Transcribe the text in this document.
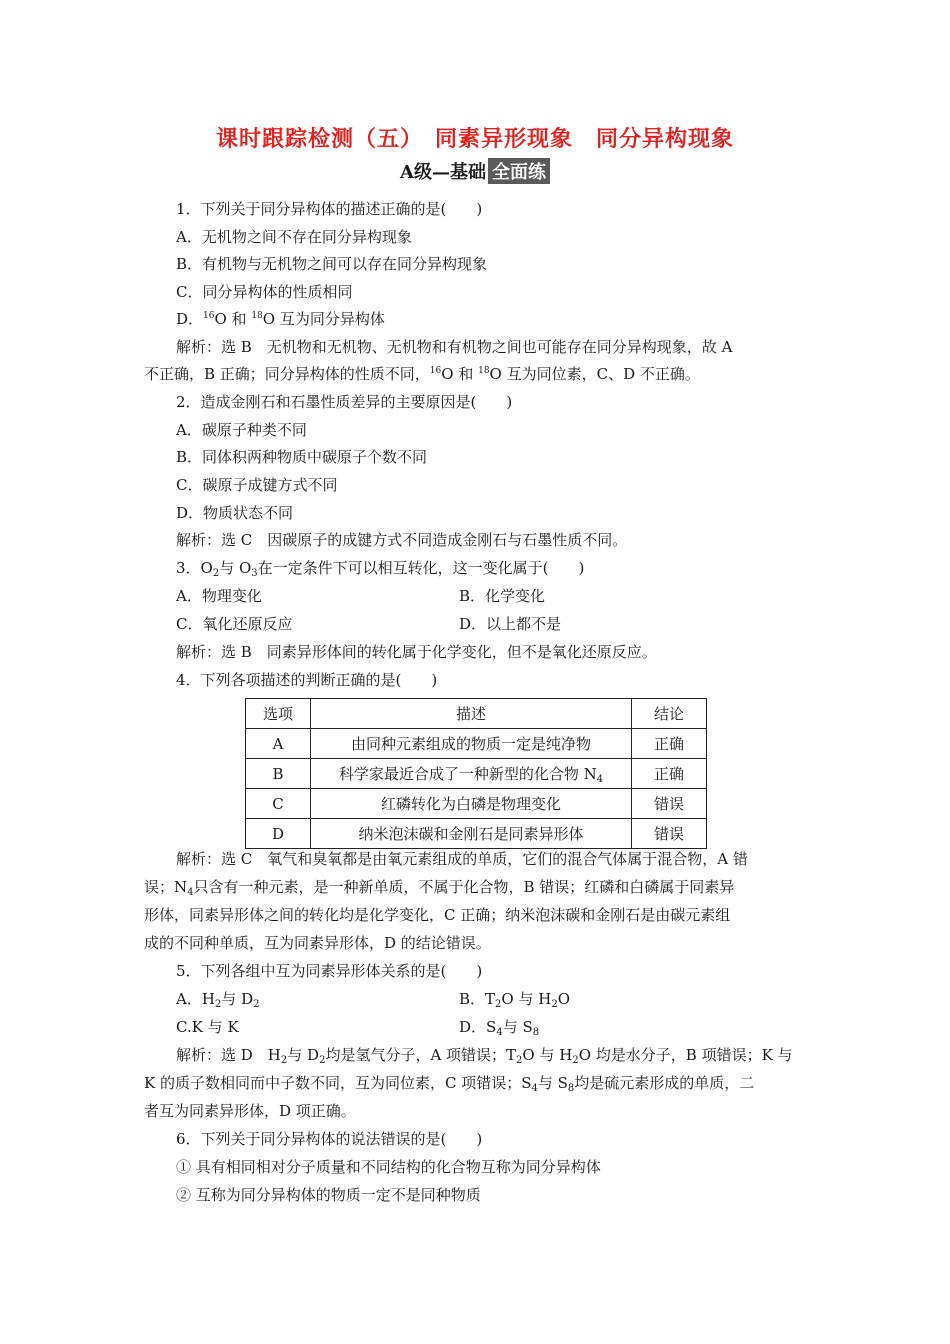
课时跟踪检测（五）　同素异形现象　同分异构现象
A级—基础 全面练
1．下列关于同分异构体的描述正确的是(　　)
A．无机物之间不存在同分异构现象
B．有机物与无机物之间可以存在同分异构现象
C．同分异构体的性质相同
D．$^{16}$O 和 $^{18}$O 互为同分异构体
解析：选 B　无机物和无机物、无机物和有机物之间也可能存在同分异构现象，故 A
不正确，B 正确；同分异构体的性质不同，$^{16}$O 和 $^{18}$O 互为同位素，C、D 不正确。
2．造成金刚石和石墨性质差异的主要原因是(　　)
A．碳原子种类不同
B．同体积两种物质中碳原子个数不同
C．碳原子成键方式不同
D．物质状态不同
解析：选 C　因碳原子的成键方式不同造成金刚石与石墨性质不同。
3．$O_2$与 $O_3$在一定条件下可以相互转化，这一变化属于(　　)
A．物理变化	B．化学变化
C．氧化还原反应	D．以上都不是
解析：选 B　同素异形体间的转化属于化学变化，但不是氧化还原反应。
4．下列各项描述的判断正确的是(　　)
选项	描述	结论
A	由同种元素组成的物质一定是纯净物	正确
B	科学家最近合成了一种新型的化合物 $N_4$	正确
C	红磷转化为白磷是物理变化	错误
D	纳米泡沫碳和金刚石是同素异形体	错误
解析：选 C　氧气和臭氧都是由氧元素组成的单质，它们的混合气体属于混合物，A 错
误；$N_4$只含有一种元素，是一种新单质，不属于化合物，B 错误；红磷和白磷属于同素异
形体，同素异形体之间的转化均是化学变化，C 正确；纳米泡沫碳和金刚石是由碳元素组
成的不同种单质，互为同素异形体，D 的结论错误。
5．下列各组中互为同素异形体关系的是(　　)
A．$H_2$与 $D_2$	B．$T_2O$ 与 $H_2O$
C.K 与 K	D．$S_4$与 $S_8$
解析：选 D　$H_2$与 $D_2$均是氢气分子，A 项错误；$T_2O$ 与 $H_2O$ 均是水分子，B 项错误；K 与
K 的质子数相同而中子数不同，互为同位素，C 项错误；$S_4$与 $S_8$均是硫元素形成的单质，二
者互为同素异形体，D 项正确。
6．下列关于同分异构体的说法错误的是(　　)
① 具有相同相对分子质量和不同结构的化合物互称为同分异构体
② 互称为同分异构体的物质一定不是同种物质
